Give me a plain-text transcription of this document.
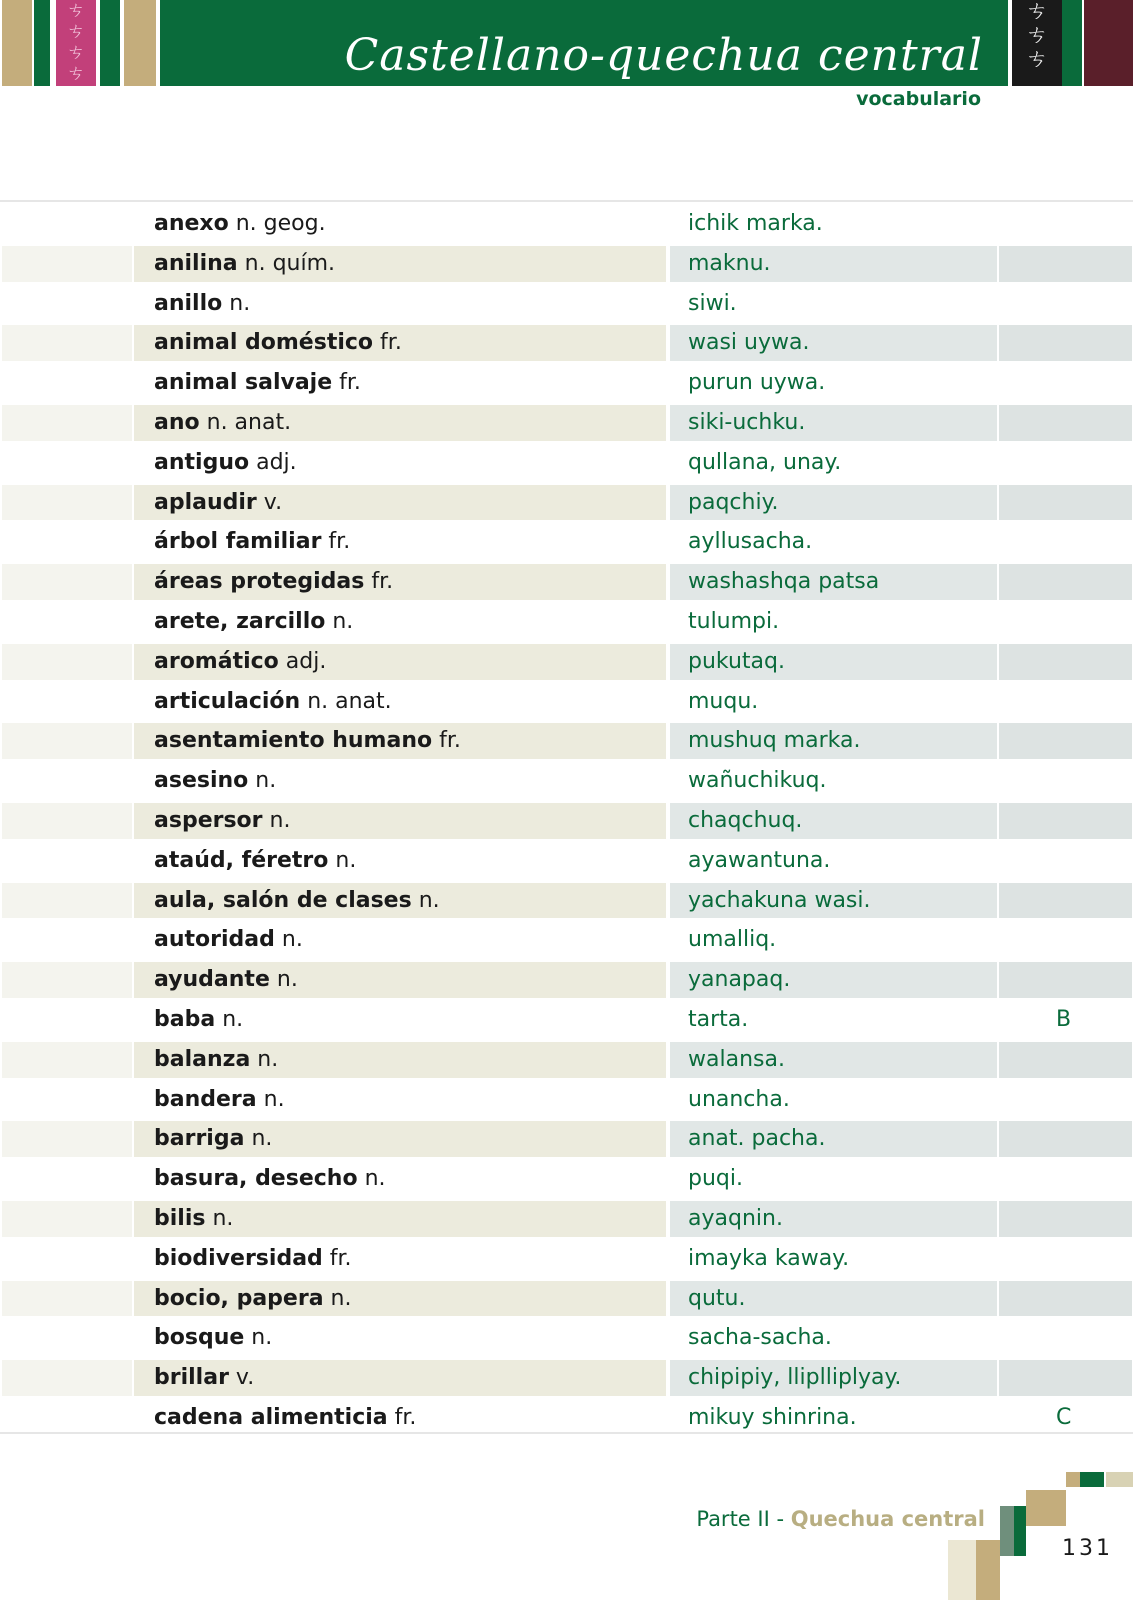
ㄘ
ㄘ
ㄘ
ㄘ	Castellano-quechua central
ㄘ
ㄘ
ㄘ
vocabulario
anexo n. geog.	ichik marka.
anilina n. quím.	maknu.
anillo n.	siwi.
animal doméstico fr.	wasi uywa.
animal salvaje fr.	purun uywa.
ano n. anat.	siki-uchku.
antiguo adj.	qullana, unay.
aplaudir v.	paqchiy.
árbol familiar fr.	ayllusacha.
áreas protegidas fr.	washashqa patsa
arete, zarcillo n.	tulumpi.
aromático adj.	pukutaq.
articulación n. anat.	muqu.
asentamiento humano fr.	mushuq marka.
asesino n.	wañuchikuq.
aspersor n.	chaqchuq.
ataúd, féretro n.	ayawantuna.
aula, salón de clases n.	yachakuna wasi.
autoridad n.	umalliq.
ayudante n.	yanapaq.
baba n.	tarta.	B
balanza n.	walansa.
bandera n.	unancha.
barriga n.	anat. pacha.
basura, desecho n.	puqi.
bilis n.	ayaqnin.
biodiversidad fr.	imayka kaway.
bocio, papera n.	qutu.
bosque n.	sacha-sacha.
brillar v.	chipipiy, lliplliplyay.
cadena alimenticia fr.	mikuy shinrina.	C
Parte II - Quechua central
131
